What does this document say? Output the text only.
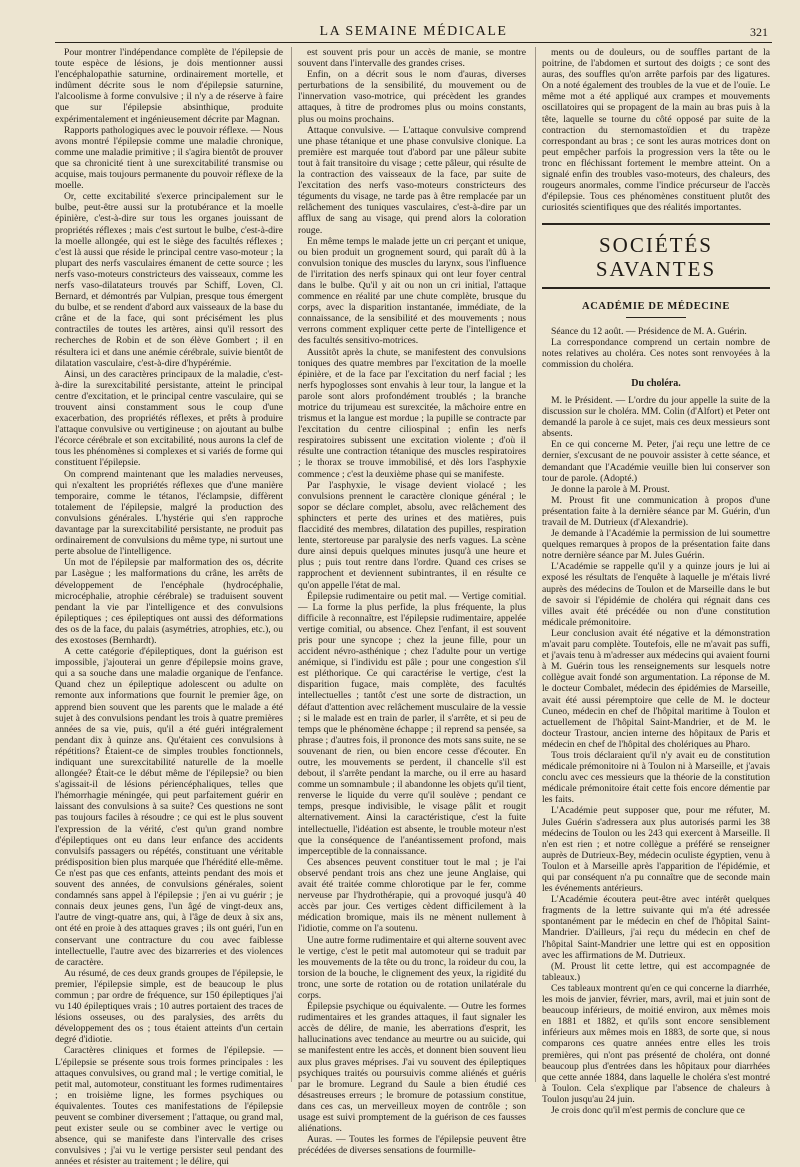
LA SEMAINE MÉDICALE	321

Pour montrer l'indépendance complète de l'épilepsie de toute espèce de lésions, je dois mentionner aussi l'encéphalopathie saturnine, ordinairement mortelle, et indûment décrite sous le nom d'épilepsie saturnine, l'alcoolisme à forme convulsive ; il n'y a de réserve à faire que sur l'épilepsie absinthique, produite expérimentalement et ingénieusement décrite par Magnan.

Rapports pathologiques avec le pouvoir réflexe. — Nous avons montré l'épilepsie comme une maladie chronique, comme une maladie primitive ; il s'agira bientôt de prouver que sa chronicité tient à une surexcitabilité transmise ou acquise, mais toujours permanente du pouvoir réflexe de la moelle.

Or, cette excitabilité s'exerce principalement sur le bulbe, peut-être aussi sur la protubérance et la moelle épinière, c'est-à-dire sur tous les organes jouissant de propriétés réflexes ; mais c'est surtout le bulbe, c'est-à-dire la moelle allongée, qui est le siège des facultés réflexes ; c'est là aussi que réside le principal centre vaso-moteur ; la plupart des nerfs vasculaires émanent de cette source ; les nerfs vaso-moteurs constricteurs des vaisseaux, comme les nerfs vaso-dilatateurs trouvés par Schiff, Loven, Cl. Bernard, et démontrés par Vulpian, presque tous émergent du bulbe, et se rendent d'abord aux vaisseaux de la base du crâne et de la face, qui sont précisément les plus contractiles de toutes les artères, ainsi qu'il ressort des recherches de Robin et de son élève Gombert ; il en résultera ici et dans une anémie cérébrale, suivie bientôt de dilatation vasculaire, c'est-à-dire d'hypérémie.

Ainsi, un des caractères principaux de la maladie, c'est-à-dire la surexcitabilité persistante, atteint le principal centre d'excitation, et le principal centre vasculaire, qui se trouvent ainsi constamment sous le coup d'une exacerbation, des propriétés réflexes, et prêts à produire l'attaque convulsive ou vertigineuse ; on ajoutant au bulbe l'écorce cérébrale et son excitabilité, nous aurons la clef de tous les phénomènes si complexes et si variés de forme qui constituent l'épilepsie.

On comprend maintenant que les maladies nerveuses, qui n'exaltent les propriétés réflexes que d'une manière temporaire, comme le tétanos, l'éclampsie, diffèrent totalement de l'épilepsie, malgré la production des convulsions générales. L'hystérie qui s'en rapproche davantage par la surexcitabilité persistante, ne produit pas ordinairement de convulsions du même type, ni surtout une perte absolue de l'intelligence.

Un mot de l'épilepsie par malformation des os, décrite par Lasègue ; les malformations du crâne, les arrêts de développement de l'encéphale (hydrocéphalie, microcéphalie, atrophie cérébrale) se traduisent souvent pendant la vie par l'intelligence et des convulsions épileptiques ; ces épileptiques ont aussi des déformations des os de la face, du palais (asymétries, atrophies, etc.), ou des exostoses (Bernhardt).

A cette catégorie d'épileptiques, dont la guérison est impossible, j'ajouterai un genre d'épilepsie moins grave, qui a sa souche dans une maladie organique de l'enfance. Quand chez un épileptique adolescent ou adulte on remonte aux informations que fournit le premier âge, on apprend bien souvent que les parents que le malade a été sujet à des convulsions pendant les trois à quatre premières années de sa vie, puis, qu'il a été guéri intégralement pendant dix à quinze ans. Qu'étaient ces convulsions à répétitions? Étaient-ce de simples troubles fonctionnels, indiquant une surexcitabilité naturelle de la moelle allongée? Était-ce le début même de l'épilepsie? ou bien s'agissait-il de lésions périencéphaliques, telles que l'hémorrhagie méningée, qui peut parfaitement guérir en laissant des convulsions à sa suite? Ces questions ne sont pas toujours faciles à résoudre ; ce qui est le plus souvent l'expression de la vérité, c'est qu'un grand nombre d'épileptiques ont eu dans leur enfance des accidents convulsifs passagers ou répétés, constituant une véritable prédisposition bien plus marquée que l'hérédité elle-même. Ce n'est pas que ces enfants, atteints pendant des mois et souvent des années, de convulsions générales, soient condamnés sans appel à l'épilepsie ; j'en ai vu guérir ; je connais deux jeunes gens, l'un âgé de vingt-deux ans, l'autre de vingt-quatre ans, qui, à l'âge de deux à six ans, ont été en proie à des attaques graves ; ils ont guéri, l'un en conservant une contracture du cou avec faiblesse intellectuelle, l'autre avec des bizarreries et des violences de caractère.

Au résumé, de ces deux grands groupes de l'épilepsie, le premier, l'épilepsie simple, est de beaucoup le plus commun ; par ordre de fréquence, sur 150 épileptiques j'ai vu 140 épileptiques vrais ; 10 autres portaient des traces de lésions osseuses, ou des paralysies, des arrêts du développement des os ; tous étaient atteints d'un certain degré d'idiotie.

Caractères cliniques et formes de l'épilepsie. — L'épilepsie se présente sous trois formes principales : les attaques convulsives, ou grand mal ; le vertige comitial, le petit mal, automoteur, constituant les formes rudimentaires ; en troisième ligne, les formes psychiques ou équivalentes. Toutes ces manifestations de l'épilepsie peuvent se combiner diversement ; l'attaque, ou grand mal, peut exister seule ou se combiner avec le vertige ou absence, qui se manifeste dans l'intervalle des crises convulsives ; j'ai vu le vertige persister seul pendant des années et résister au traitement ; le délire, qui

est souvent pris pour un accès de manie, se montre souvent dans l'intervalle des grandes crises.

Enfin, on a décrit sous le nom d'auras, diverses perturbations de la sensibilité, du mouvement ou de l'innervation vaso-motrice, qui précèdent les grandes attaques, à titre de prodromes plus ou moins constants, plus ou moins prochains.

Attaque convulsive. — L'attaque convulsive comprend une phase tétanique et une phase convulsive clonique. La première est marquée tout d'abord par une pâleur subite tout à fait transitoire du visage ; cette pâleur, qui résulte de la contraction des vaisseaux de la face, par suite de l'excitation des nerfs vaso-moteurs constricteurs des téguments du visage, ne tarde pas à être remplacée par un relâchement des tuniques vasculaires, c'est-à-dire par un afflux de sang au visage, qui prend alors la coloration rouge.

En même temps le malade jette un cri perçant et unique, ou bien produit un grognement sourd, qui paraît dû à la convulsion tonique des muscles du larynx, sous l'influence de l'irritation des nerfs spinaux qui ont leur foyer central dans le bulbe. Qu'il y ait ou non un cri initial, l'attaque commence en réalité par une chute complète, brusque du corps, avec la disparition instantanée, immédiate, de la connaissance, de la sensibilité et des mouvements ; nous verrons comment expliquer cette perte de l'intelligence et des facultés sensitivo-motrices.

Aussitôt après la chute, se manifestent des convulsions toniques des quatre membres par l'excitation de la moelle épinière, et de la face par l'excitation du nerf facial ; les nerfs hypoglosses sont envahis à leur tour, la langue et la parole sont alors profondément troublés ; la branche motrice du trijumeau est surexcitée, la mâchoire entre en trismus et la langue est mordue ; la pupille se contracte par l'excitation du centre ciliospinal ; enfin les nerfs respiratoires subissent une excitation violente ; d'où il résulte une contraction tétanique des muscles respiratoires ; le thorax se trouve immobilisé, et dès lors l'asphyxie commence ; c'est la deuxième phase qui se manifeste.

Par l'asphyxie, le visage devient violacé ; les convulsions prennent le caractère clonique général ; le sopor se déclare complet, absolu, avec relâchement des sphincters et perte des urines et des matières, puis flaccidité des membres, dilatation des pupilles, respiration lente, stertoreuse par paralysie des nerfs vagues. La scène dure ainsi depuis quelques minutes jusqu'à une heure et plus ; puis tout rentre dans l'ordre. Quand ces crises se rapprochent et deviennent subintrantes, il en résulte ce qu'on appelle l'état de mal.

Épilepsie rudimentaire ou petit mal. — Vertige comitial. — La forme la plus perfide, la plus fréquente, la plus difficile à reconnaître, est l'épilepsie rudimentaire, appelée vertige comitial, ou absence. Chez l'enfant, il est souvent pris pour une syncope ; chez la jeune fille, pour un accident névro-asthénique ; chez l'adulte pour un vertige anémique, si l'individu est pâle ; pour une congestion s'il est pléthorique. Ce qui caractérise le vertige, c'est la disparition fugace, mais complète, des facultés intellectuelles ; tantôt c'est une sorte de distraction, un défaut d'attention avec relâchement musculaire de la vessie ; si le malade est en train de parler, il s'arrête, et si peu de temps que le phénomène échappe ; il reprend sa pensée, sa phrase ; d'autres fois, il prononce des mots sans suite, ne se souvenant de rien, ou bien encore cesse d'écouter. En outre, les mouvements se perdent, il chancelle s'il est debout, il s'arrête pendant la marche, ou il erre au hasard comme un somnambule ; il abandonne les objets qu'il tient, renverse le liquide du verre qu'il soulève ; pendant ce temps, presque indivisible, le visage pâlit et rougit alternativement. Ainsi la caractéristique, c'est la fuite intellectuelle, l'idéation est absente, le trouble moteur n'est que la conséquence de l'anéantissement profond, mais imperceptible de la connaissance.

Ces absences peuvent constituer tout le mal ; je l'ai observé pendant trois ans chez une jeune Anglaise, qui avait été traitée comme chlorotique par le fer, comme nerveuse par l'hydrothérapie, qui a provoqué jusqu'à 40 accès par jour. Ces vertiges cèdent difficilement à la médication bromique, mais ils ne mènent nullement à l'idiotie, comme on l'a soutenu.

Une autre forme rudimentaire et qui alterne souvent avec le vertige, c'est le petit mal automoteur qui se traduit par les mouvements de la tête ou du tronc, la roideur du cou, la torsion de la bouche, le clignement des yeux, la rigidité du tronc, une sorte de rotation ou de rotation unilatérale du corps.

Épilepsie psychique ou équivalente. — Outre les formes rudimentaires et les grandes attaques, il faut signaler les accès de délire, de manie, les aberrations d'esprit, les hallucinations avec tendance au meurtre ou au suicide, qui se manifestent entre les accès, et donnent bien souvent lieu aux plus graves méprises. J'ai vu souvent des épileptiques psychiques traités ou poursuivis comme aliénés et guéris par le bromure. Legrand du Saule a bien étudié ces désastreuses erreurs ; le bromure de potassium constitue, dans ces cas, un merveilleux moyen de contrôle ; son usage est suivi promptement de la guérison de ces fausses aliénations.

Auras. — Toutes les formes de l'épilepsie peuvent être précédées de diverses sensations de fourmille-

ments ou de douleurs, ou de souffles partant de la poitrine, de l'abdomen et surtout des doigts ; ce sont des auras, des souffles qu'on arrête parfois par des ligatures. On a noté également des troubles de la vue et de l'ouïe. Le même mot a été appliqué aux crampes et mouvements oscillatoires qui se propagent de la main au bras puis à la tête, laquelle se tourne du côté opposé par suite de la contraction du sternomastoïdien et du trapèze correspondant au bras ; ce sont les auras motrices dont on peut empêcher parfois la progression vers la tête ou le tronc en fléchissant fortement le membre atteint. On a signalé enfin des troubles vaso-moteurs, des chaleurs, des rougeurs anormales, comme l'indice précurseur de l'accès d'épilepsie. Tous ces phénomènes constituent plutôt des curiosités scientifiques que des réalités importantes.

SOCIÉTÉS SAVANTES
ACADÉMIE DE MÉDECINE

Séance du 12 août. — Présidence de M. A. Guérin.

La correspondance comprend un certain nombre de notes relatives au choléra. Ces notes sont renvoyées à la commission du choléra.

Du choléra.

M. le Président. — L'ordre du jour appelle la suite de la discussion sur le choléra. MM. Colin (d'Alfort) et Peter ont demandé la parole à ce sujet, mais ces deux messieurs sont absents.

En ce qui concerne M. Peter, j'ai reçu une lettre de ce dernier, s'excusant de ne pouvoir assister à cette séance, et demandant que l'Académie veuille bien lui conserver son tour de parole. (Adopté.)

Je donne la parole à M. Proust.

M. Proust fit une communication à propos d'une présentation faite à la dernière séance par M. Guérin, d'un travail de M. Dutrieux (d'Alexandrie).

Je demande à l'Académie la permission de lui soumettre quelques remarques à propos de la présentation faite dans notre dernière séance par M. Jules Guérin.

L'Académie se rappelle qu'il y a quinze jours je lui ai exposé les résultats de l'enquête à laquelle je m'étais livré auprès des médecins de Toulon et de Marseille dans le but de savoir si l'épidémie de choléra qui régnait dans ces villes avait été précédée ou non d'une constitution médicale prémonitoire.

Leur conclusion avait été négative et la démonstration m'avait paru complète. Toutefois, elle ne m'avait pas suffi, et j'avais tenu à m'adresser aux médecins qui avaient fourni à M. Guérin tous les renseignements sur lesquels notre collègue avait fondé son argumentation. La réponse de M. le docteur Combalet, médecin des épidémies de Marseille, avait été aussi péremptoire que celle de M. le docteur Cuneo, médecin en chef de l'hôpital maritime à Toulon et actuellement de l'hôpital Saint-Mandrier, et de M. le docteur Trastour, ancien interne des hôpitaux de Paris et médecin en chef de l'hôpital des cholériques au Pharo.

Tous trois déclaraient qu'il n'y avait eu de constitution médicale prémonitoire ni à Toulon ni à Marseille, et j'avais conclu avec ces messieurs que la théorie de la constitution médicale prémonitoire était cette fois encore démentie par les faits.

L'Académie peut supposer que, pour me réfuter, M. Jules Guérin s'adressera aux plus autorisés parmi les 38 médecins de Toulon ou les 243 qui exercent à Marseille. Il n'en est rien ; et notre collègue a préféré se renseigner auprès de Dutrieux-Bey, médecin oculiste égyptien, venu à Toulon et à Marseille après l'apparition de l'épidémie, et qui par conséquent n'a pu connaître que de seconde main les événements antérieurs.

L'Académie écoutera peut-être avec intérêt quelques fragments de la lettre suivante qui m'a été adressée spontanément par le médecin en chef de l'hôpital Saint-Mandrier. D'ailleurs, j'ai reçu du médecin en chef de l'hôpital Saint-Mandrier une lettre qui est en opposition avec les affirmations de M. Dutrieux.

(M. Proust lit cette lettre, qui est accompagnée de tableaux.)

Ces tableaux montrent qu'en ce qui concerne la diarrhée, les mois de janvier, février, mars, avril, mai et juin sont de beaucoup inférieurs, de moitié environ, aux mêmes mois en 1881 et 1882, et qu'ils sont encore sensiblement inférieurs aux mêmes mois en 1883, de sorte que, si nous comparons ces quatre années entre elles les trois premières, qui n'ont pas présenté de choléra, ont donné beaucoup plus d'entrées dans les hôpitaux pour diarrhées que cette année 1884, dans laquelle le choléra s'est montré à Toulon. Cela s'explique par l'absence de chaleurs à Toulon jusqu'au 24 juin.

Je crois donc qu'il m'est permis de conclure que ce
